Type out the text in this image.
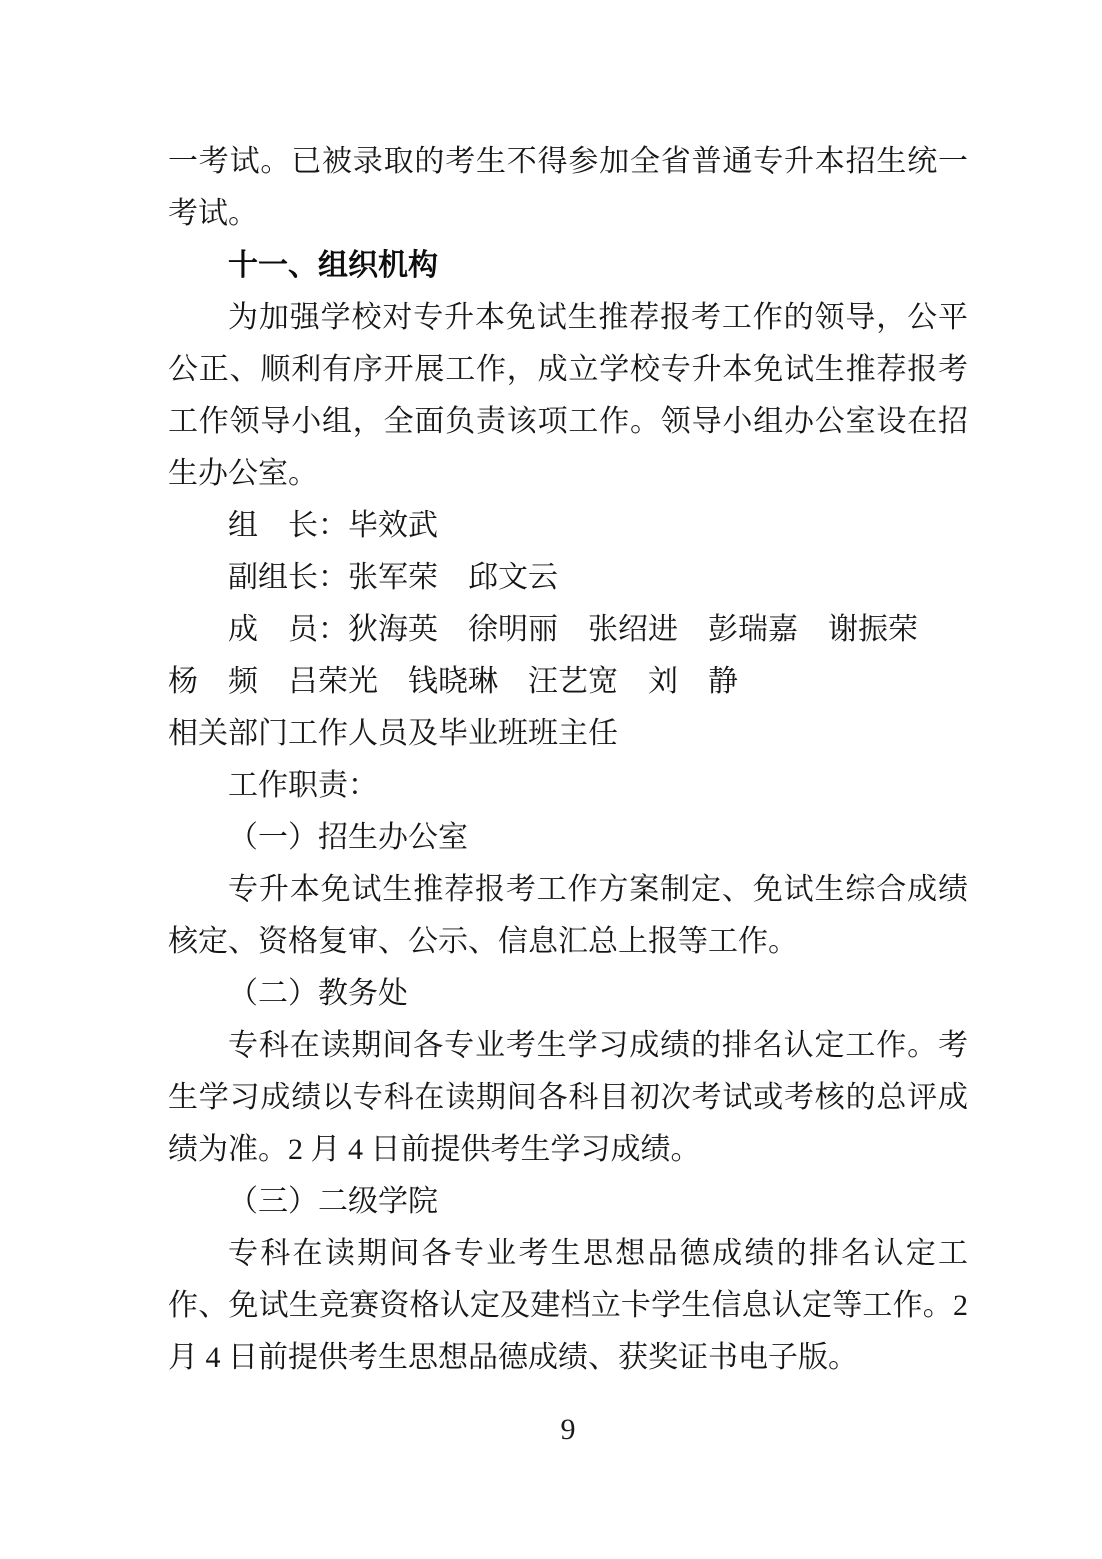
一考试。已被录取的考生不得参加全省普通专升本招生统一考试。

十一、组织机构

为加强学校对专升本免试生推荐报考工作的领导，公平公正、顺利有序开展工作，成立学校专升本免试生推荐报考工作领导小组，全面负责该项工作。领导小组办公室设在招生办公室。

组　长：毕效武

副组长：张军荣　邱文云

成　员：狄海英　徐明丽　张绍进　彭瑞嘉　谢振荣

杨　频　吕荣光　钱晓琳　汪艺宽　刘　静

相关部门工作人员及毕业班班主任

工作职责：

（一）招生办公室

专升本免试生推荐报考工作方案制定、免试生综合成绩核定、资格复审、公示、信息汇总上报等工作。

（二）教务处

专科在读期间各专业考生学习成绩的排名认定工作。考生学习成绩以专科在读期间各科目初次考试或考核的总评成绩为准。2 月 4 日前提供考生学习成绩。

（三）二级学院

专科在读期间各专业考生思想品德成绩的排名认定工作、免试生竞赛资格认定及建档立卡学生信息认定等工作。2 月 4 日前提供考生思想品德成绩、获奖证书电子版。

9
